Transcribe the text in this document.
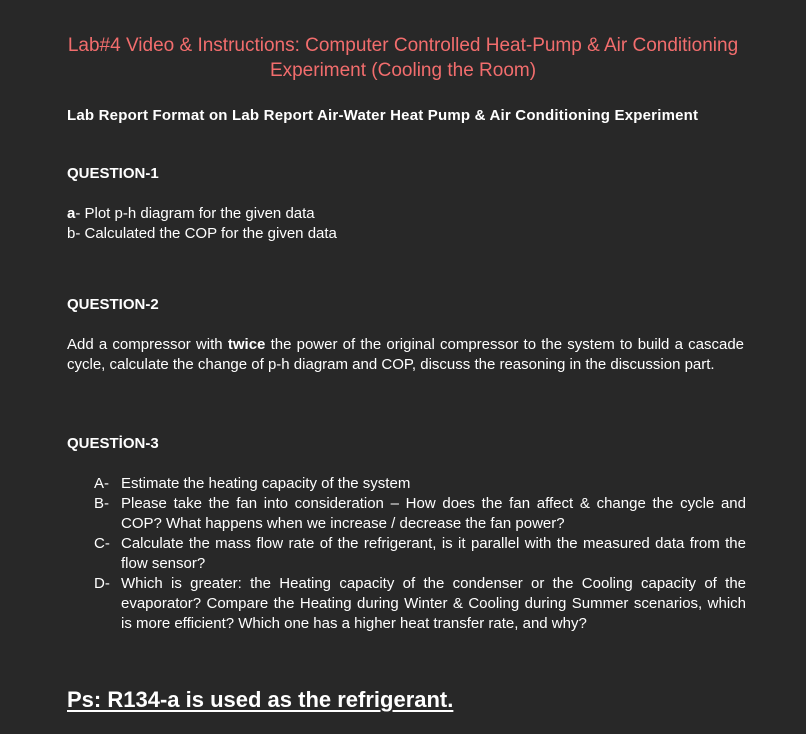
Lab#4 Video & Instructions: Computer Controlled Heat-Pump & Air Conditioning Experiment (Cooling the Room)
Lab Report Format on Lab Report Air-Water Heat Pump & Air Conditioning Experiment
QUESTION-1
a- Plot p-h diagram for the given data
b- Calculated the COP for the given data
QUESTION-2
Add a compressor with twice the power of the original compressor to the system to build a cascade cycle, calculate the change of p-h diagram and COP, discuss the reasoning in the discussion part.
QUESTİON-3
A- Estimate the heating capacity of the system
B- Please take the fan into consideration – How does the fan affect & change the cycle and COP? What happens when we increase / decrease the fan power?
C- Calculate the mass flow rate of the refrigerant, is it parallel with the measured data from the flow sensor?
D- Which is greater: the Heating capacity of the condenser or the Cooling capacity of the evaporator? Compare the Heating during Winter & Cooling during Summer scenarios, which is more efficient? Which one has a higher heat transfer rate, and why?
Ps: R134-a is used as the refrigerant.
